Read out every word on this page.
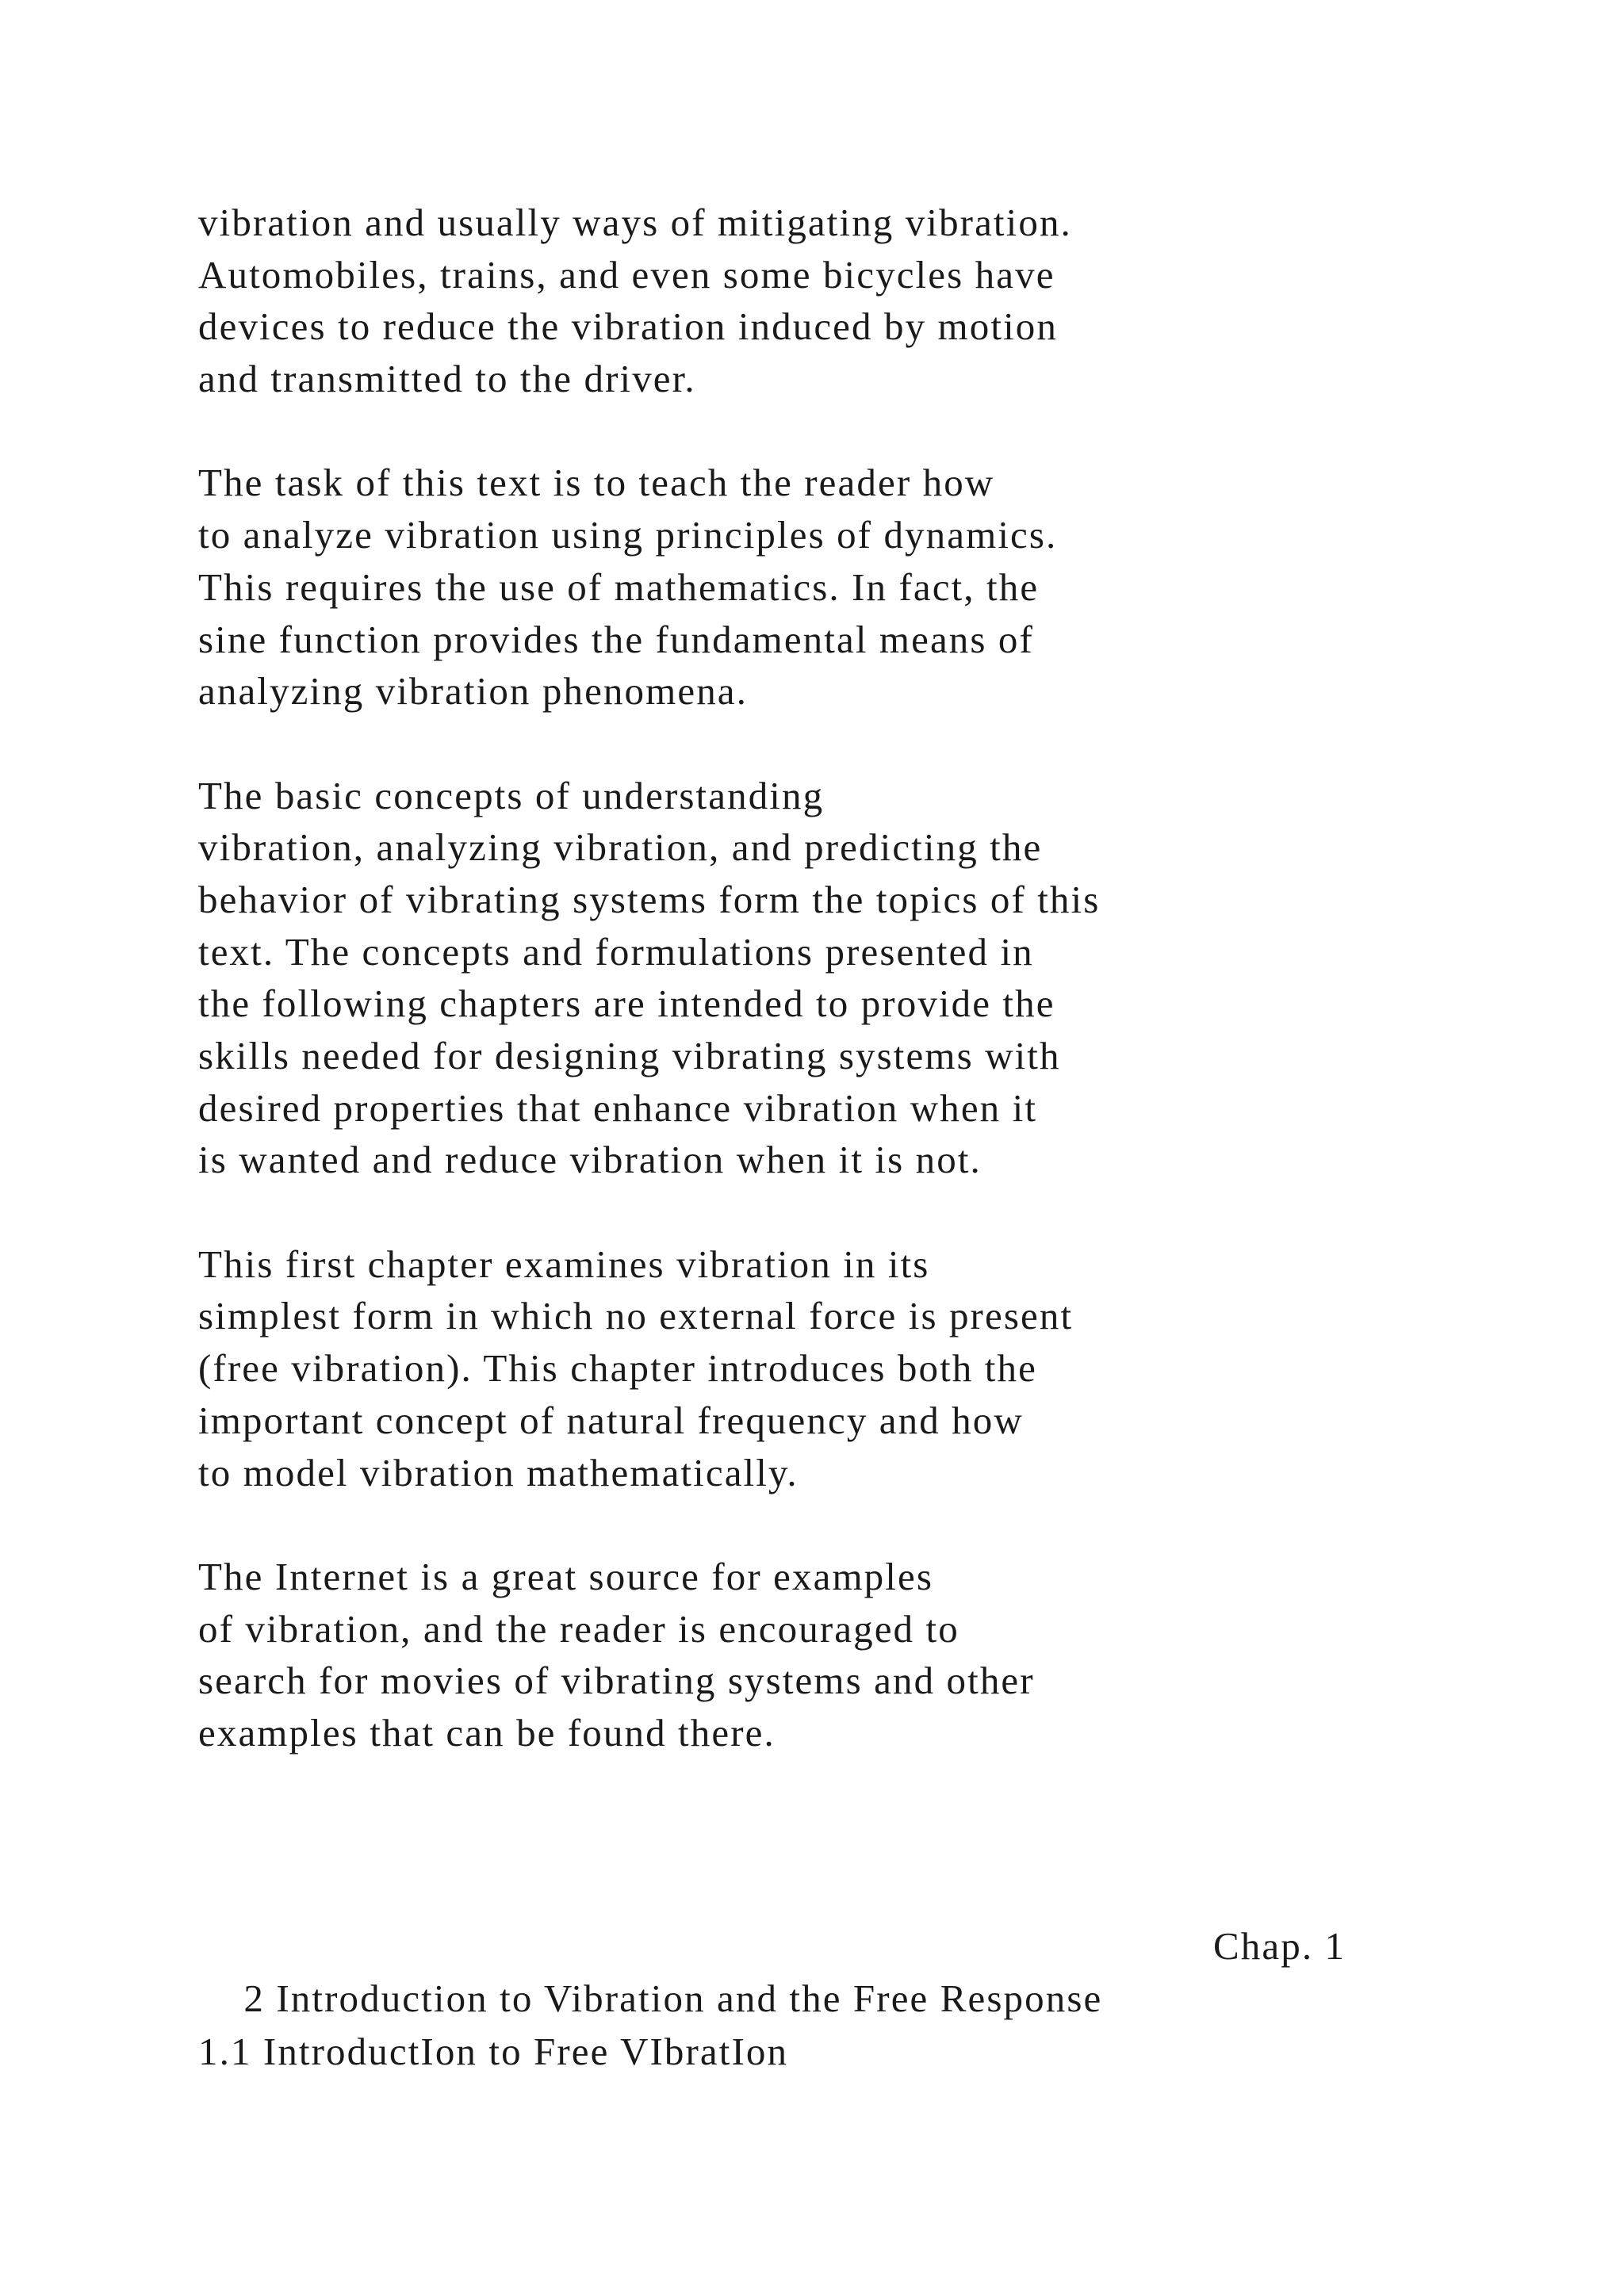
vibration and usually ways of mitigating vibration.
Automobiles, trains, and even some bicycles have
devices to reduce the vibration induced by motion
and transmitted to the driver.
The task of this text is to teach the reader how
to analyze vibration using principles of dynamics.
This requires the use of mathematics. In fact, the
sine function provides the fundamental means of
analyzing vibration phenomena.
The basic concepts of understanding
vibration, analyzing vibration, and predicting the
behavior of vibrating systems form the topics of this
text. The concepts and formulations presented in
the following chapters are intended to provide the
skills needed for designing vibrating systems with
desired properties that enhance vibration when it
is wanted and reduce vibration when it is not.
This first chapter examines vibration in its
simplest form in which no external force is present
(free vibration). This chapter introduces both the
important concept of natural frequency and how
to model vibration mathematically.
The Internet is a great source for examples
of vibration, and the reader is encouraged to
search for movies of vibrating systems and other
examples that can be found there.

2 Introduction to Vibration and the Free Response

Chap. 1

1.1 IntroductIon to Free VIbratIon
